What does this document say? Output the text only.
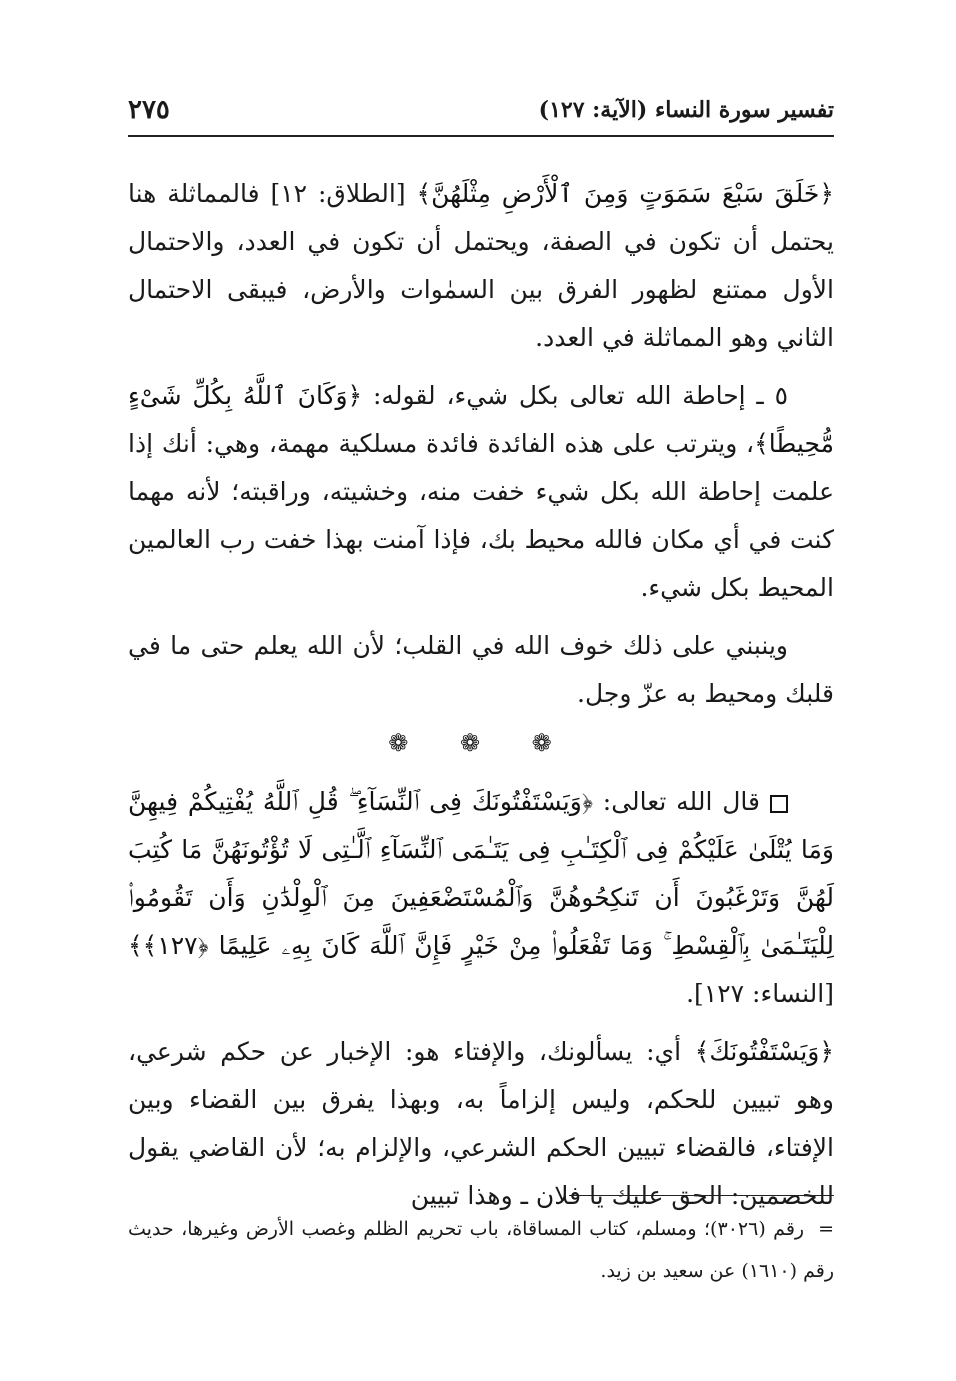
تفسير سورة النساء (الآية: ١٢٧)
٢٧٥

﴿خَلَقَ سَبْعَ سَمَوَتٍ وَمِنَ ٱلْأَرْضِ مِثْلَهُنَّ﴾ [الطلاق: ١٢] فالمماثلة هنا يحتمل أن تكون في الصفة، ويحتمل أن تكون في العدد، والاحتمال الأول ممتنع لظهور الفرق بين السمٰوات والأرض، فيبقى الاحتمال الثاني وهو المماثلة في العدد.

٥ ـ إحاطة الله تعالى بكل شيء، لقوله: ﴿وَكَانَ ٱللَّهُ بِكُلِّ شَىْءٍ مُّحِيطًا﴾، ويترتب على هذه الفائدة فائدة مسلكية مهمة، وهي: أنك إذا علمت إحاطة الله بكل شيء خفت منه، وخشيته، وراقبته؛ لأنه مهما كنت في أي مكان فالله محيط بك، فإذا آمنت بهذا خفت رب العالمين المحيط بكل شيء.

وينبني على ذلك خوف الله في القلب؛ لأن الله يعلم حتى ما في قلبك ومحيط به عزّ وجل.

❁ ❁ ❁

قال الله تعالى: ﴿وَيَسْتَفْتُونَكَ فِى ٱلنِّسَآءِ ۖ قُلِ ٱللَّهُ يُفْتِيكُمْ فِيهِنَّ وَمَا يُتْلَىٰ عَلَيْكُمْ فِى ٱلْكِتَـٰبِ فِى يَتَـٰمَى ٱلنِّسَآءِ ٱلَّـٰتِى لَا تُؤْتُونَهُنَّ مَا كُتِبَ لَهُنَّ وَتَرْغَبُونَ أَن تَنكِحُوهُنَّ وَٱلْمُسْتَضْعَفِينَ مِنَ ٱلْوِلْدَٰنِ وَأَن تَقُومُوا۟ لِلْيَتَـٰمَىٰ بِٱلْقِسْطِ ۚ وَمَا تَفْعَلُوا۟ مِنْ خَيْرٍ فَإِنَّ ٱللَّهَ كَانَ بِهِۦ عَلِيمًا ﴿١٢٧﴾﴾ [النساء: ١٢٧].

﴿وَيَسْتَفْتُونَكَ﴾ أي: يسألونك، والإفتاء هو: الإخبار عن حكم شرعي، وهو تبيين للحكم، وليس إلزاماً به، وبهذا يفرق بين القضاء وبين الإفتاء، فالقضاء تبيين الحكم الشرعي، والإلزام به؛ لأن القاضي يقول للخصمين: الحق عليك يا فلان ـ وهذا تبيين

=رقم (٣٠٢٦)؛ ومسلم، كتاب المساقاة، باب تحريم الظلم وغصب الأرض وغيرها، حديث رقم (١٦١٠) عن سعيد بن زيد.
